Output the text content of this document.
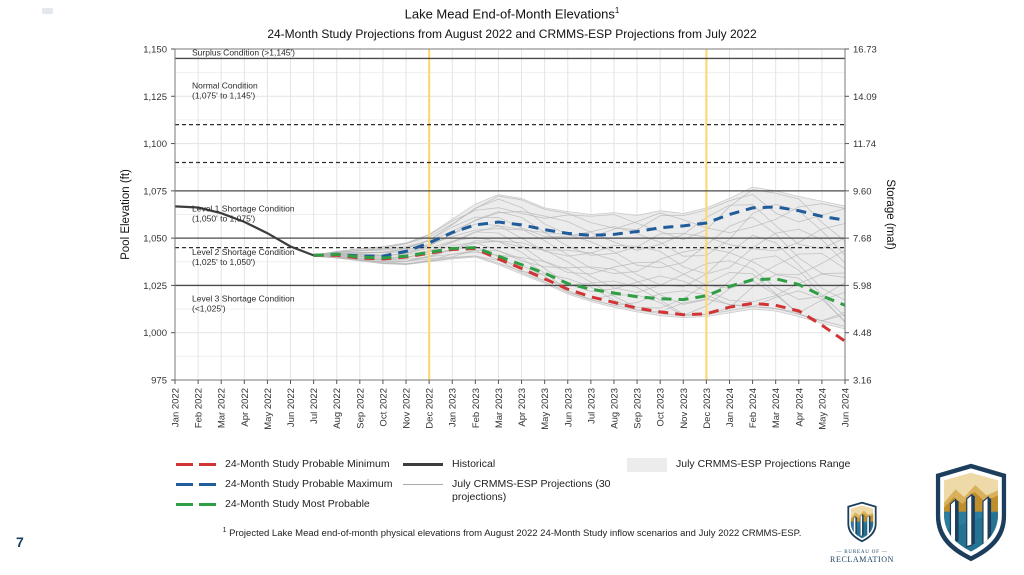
Lake Mead End-of-Month Elevations$^1$
24-Month Study Projections from August 2022 and CRMMS-ESP Projections from July 2022
1,150	16.73
1,125	14.09
1,100	11.74
1,075	9.60
1,050	7.68
1,025	5.98
1,000	4.48
975	3.16
Jan 2022 Feb 2022 Mar 2022 Apr 2022 May 2022 Jun 2022 Jul 2022 Aug 2022 Sep 2022 Oct 2022 Nov 2022 Dec 2022 Jan 2023 Feb 2023 Mar 2023 Apr 2023 May 2023 Jun 2023 Jul 2023 Aug 2023 Sep 2023 Oct 2023 Nov 2023 Dec 2023 Jan 2024 Feb 2024 Mar 2024 Apr 2024 May 2024 Jun 2024
Surplus Condition (>1,145')
Normal Condition
(1,075' to 1,145')
Level 1 Shortage Condition
(1,050' to 1,075')
Level 2 Shortage Condition
(1,025' to 1,050')
Level 3 Shortage Condition
(<1,025')
Pool Elevation (ft)	Storage (maf)
24-Month Study Probable Minimum
24-Month Study Probable Maximum
24-Month Study Most Probable
Historical
July CRMMS-ESP Projections (30 projections)
July CRMMS-ESP Projections Range
$^1$ Projected Lake Mead end-of-month physical elevations from August 2022 24-Month Study inflow scenarios and July 2022 CRMMS-ESP.
7
— BUREAU OF —
RECLAMATION
